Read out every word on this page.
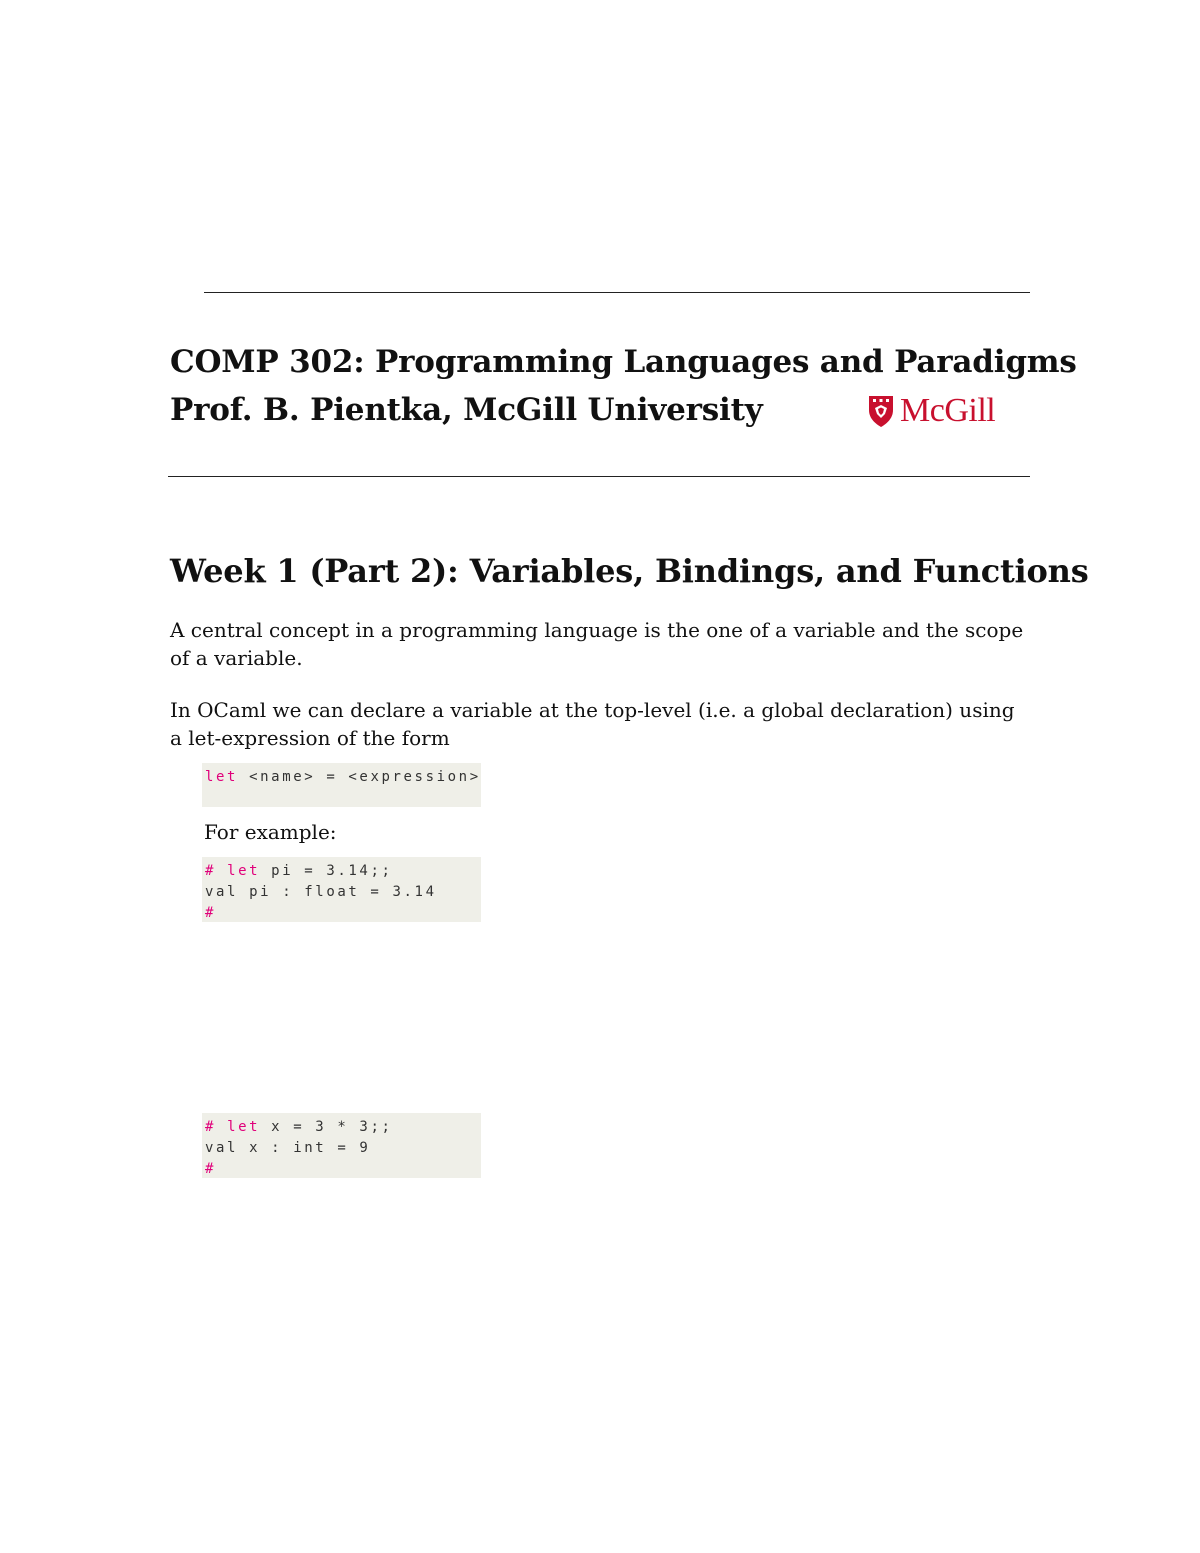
COMP 302: Programming Languages and Paradigms
Prof. B. Pientka, McGill University	McGill
Week 1 (Part 2): Variables, Bindings, and Functions

A central concept in a programming language is the one of a variable and the scope of a variable.

In OCaml we can declare a variable at the top-level (i.e. a global declaration) using a let-expression of the form

let <name> = <expression>
For example:
# let pi = 3.14;;
val pi : float = 3.14
#
# let x = 3 * 3;;
val x : int = 9
#
